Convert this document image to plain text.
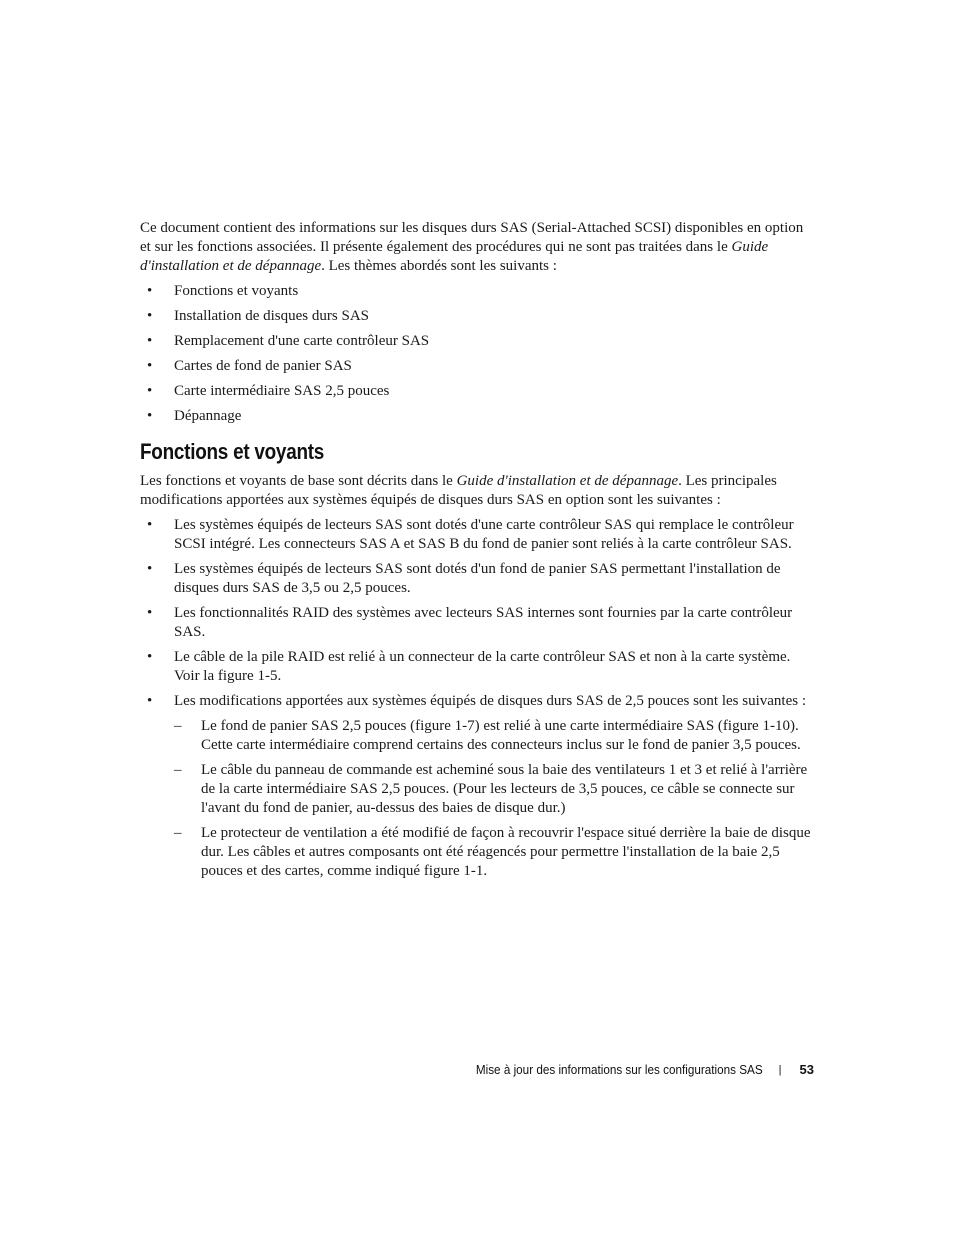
Ce document contient des informations sur les disques durs SAS (Serial-Attached SCSI) disponibles en option et sur les fonctions associées. Il présente également des procédures qui ne sont pas traitées dans le Guide d'installation et de dépannage. Les thèmes abordés sont les suivants :

• Fonctions et voyants
• Installation de disques durs SAS
• Remplacement d'une carte contrôleur SAS
• Cartes de fond de panier SAS
• Carte intermédiaire SAS 2,5 pouces
• Dépannage
Fonctions et voyants

Les fonctions et voyants de base sont décrits dans le Guide d'installation et de dépannage. Les principales modifications apportées aux systèmes équipés de disques durs SAS en option sont les suivantes :

• Les systèmes équipés de lecteurs SAS sont dotés d'une carte contrôleur SAS qui remplace le contrôleur SCSI intégré. Les connecteurs SAS A et SAS B du fond de panier sont reliés à la carte contrôleur SAS.
• Les systèmes équipés de lecteurs SAS sont dotés d'un fond de panier SAS permettant l'installation de disques durs SAS de 3,5 ou 2,5 pouces.
• Les fonctionnalités RAID des systèmes avec lecteurs SAS internes sont fournies par la carte contrôleur SAS.
• Le câble de la pile RAID est relié à un connecteur de la carte contrôleur SAS et non à la carte système. Voir la figure 1-5.
• Les modifications apportées aux systèmes équipés de disques durs SAS de 2,5 pouces sont les suivantes :
– Le fond de panier SAS 2,5 pouces (figure 1-7) est relié à une carte intermédiaire SAS (figure 1-10). Cette carte intermédiaire comprend certains des connecteurs inclus sur le fond de panier 3,5 pouces.
– Le câble du panneau de commande est acheminé sous la baie des ventilateurs 1 et 3 et relié à l'arrière de la carte intermédiaire SAS 2,5 pouces. (Pour les lecteurs de 3,5 pouces, ce câble se connecte sur l'avant du fond de panier, au-dessus des baies de disque dur.)
– Le protecteur de ventilation a été modifié de façon à recouvrir l'espace situé derrière la baie de disque dur. Les câbles et autres composants ont été réagencés pour permettre l'installation de la baie 2,5 pouces et des cartes, comme indiqué figure 1-1.
Mise à jour des informations sur les configurations SAS | 53
